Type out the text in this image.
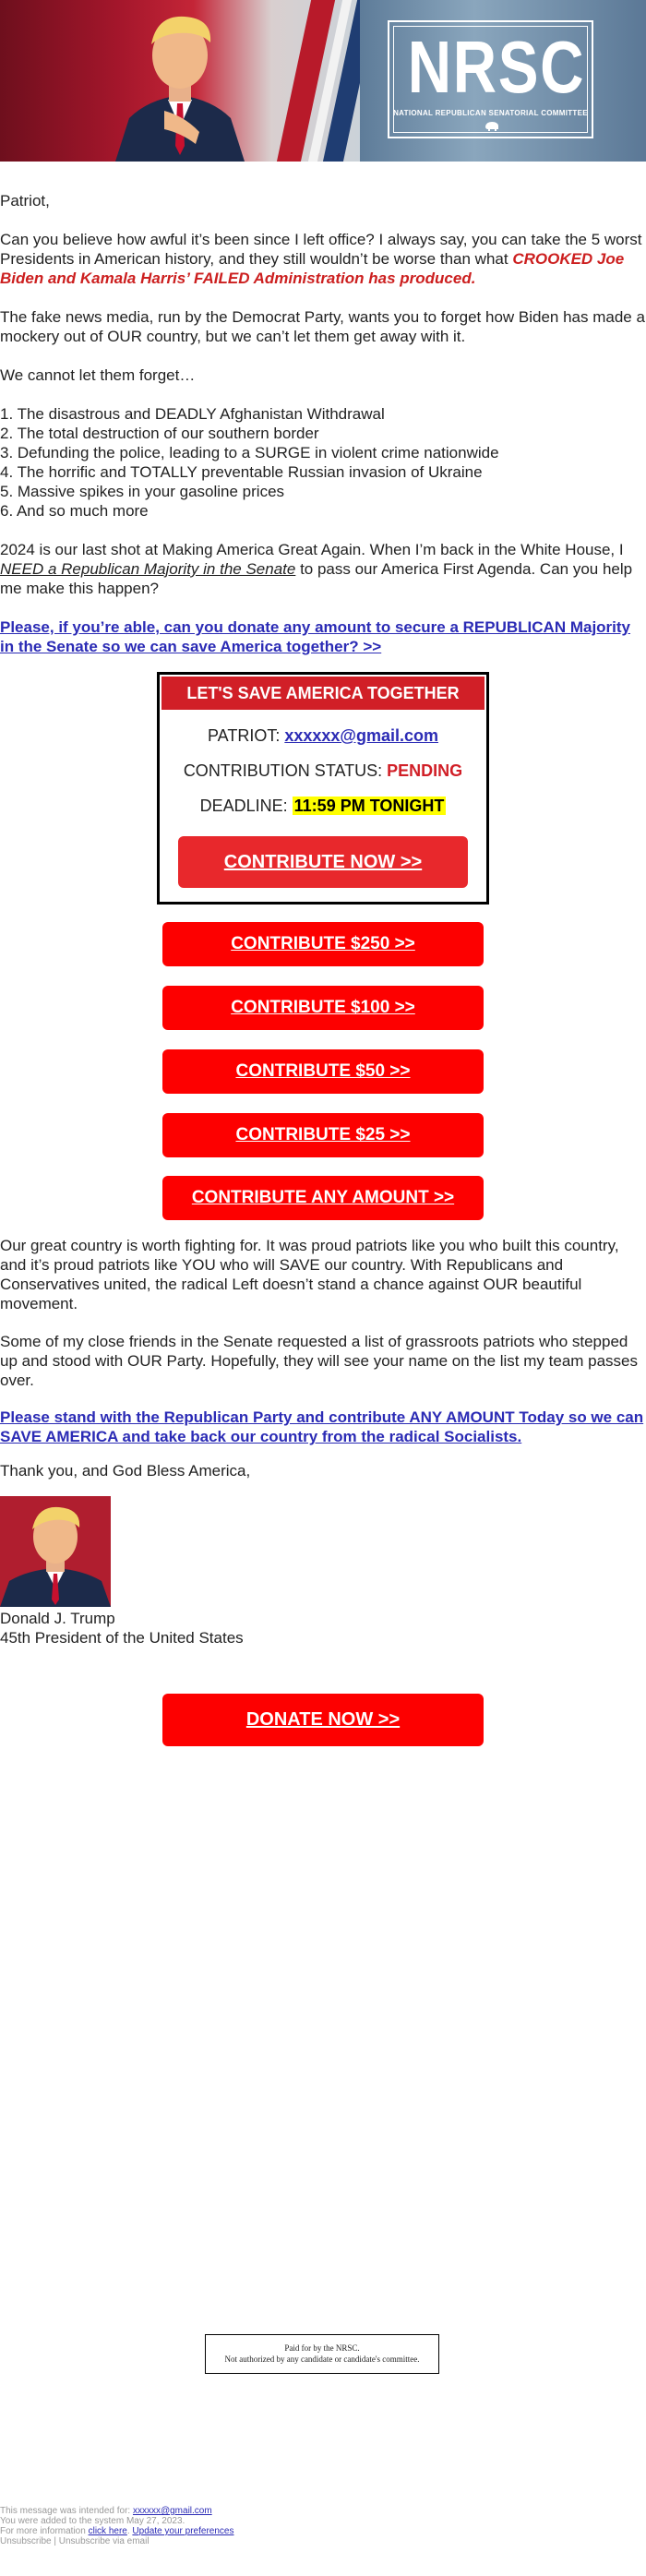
NRSC
NATIONAL REPUBLICAN SENATORIAL COMMITTEE
Patriot,

Can you believe how awful it’s been since I left office? I always say, you can take the 5 worst Presidents in American history, and they still wouldn’t be worse than what CROOKED Joe Biden and Kamala Harris’ FAILED Administration has produced.

The fake news media, run by the Democrat Party, wants you to forget how Biden has made a mockery out of OUR country, but we can’t let them get away with it.
We cannot let them forget…
1. The disastrous and DEADLY Afghanistan Withdrawal
2. The total destruction of our southern border
3. Defunding the police, leading to a SURGE in violent crime nationwide
4. The horrific and TOTALLY preventable Russian invasion of Ukraine
5. Massive spikes in your gasoline prices
6. And so much more
2024 is our last shot at Making America Great Again. When I’m back in the White House, I NEED a Republican Majority in the Senate to pass our America First Agenda. Can you help me make this happen?
Please, if you’re able, can you donate any amount to secure a REPUBLICAN Majority in the Senate so we can save America together? >>
LET'S SAVE AMERICA TOGETHER
PATRIOT: xxxxxx@gmail.com
CONTRIBUTION STATUS: PENDING
DEADLINE: 11:59 PM TONIGHT
CONTRIBUTE NOW >>
CONTRIBUTE $250 >>
CONTRIBUTE $100 >>
CONTRIBUTE $50 >>
CONTRIBUTE $25 >>
CONTRIBUTE ANY AMOUNT >>
Our great country is worth fighting for. It was proud patriots like you who built this country, and it’s proud patriots like YOU who will SAVE our country. With Republicans and Conservatives united, the radical Left doesn’t stand a chance against OUR beautiful movement.
Some of my close friends in the Senate requested a list of grassroots patriots who stepped up and stood with OUR Party. Hopefully, they will see your name on the list my team passes over.
Please stand with the Republican Party and contribute ANY AMOUNT Today so we can SAVE AMERICA and take back our country from the radical Socialists.
Thank you, and God Bless America,
Donald J. Trump
45th President of the United States
DONATE NOW >>
Paid for by the NRSC.
Not authorized by any candidate or candidate's committee.
This message was intended for: xxxxxx@gmail.com
You were added to the system May 27, 2023.
For more information click here. Update your preferences
Unsubscribe | Unsubscribe via email
